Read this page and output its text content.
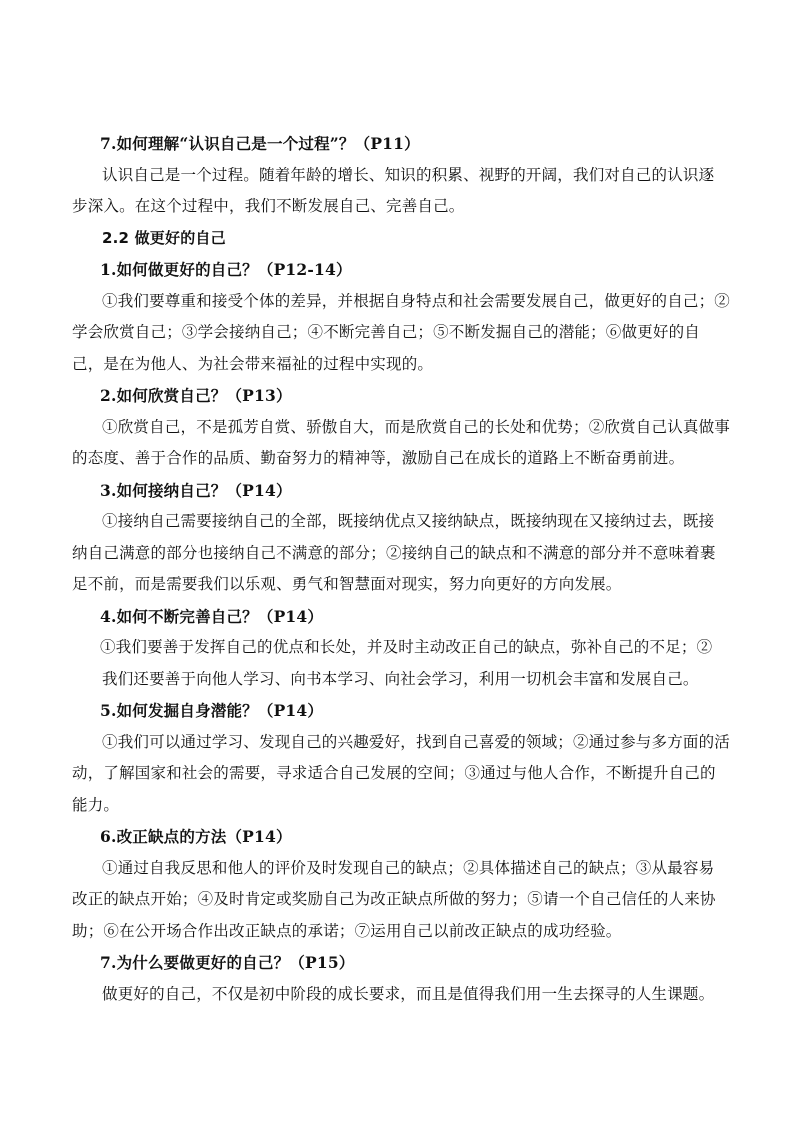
7.如何理解“认识自己是一个过程”？（P11）
认识自己是一个过程。随着年龄的增长、知识的积累、视野的开阔，我们对自己的认识逐
步深入。在这个过程中，我们不断发展自己、完善自己。
2.2 做更好的自己
1.如何做更好的自己？（P12-14）
①我们要尊重和接受个体的差异，并根据自身特点和社会需要发展自己，做更好的自己；②
学会欣赏自己；③学会接纳自己；④不断完善自己；⑤不断发掘自己的潜能；⑥做更好的自
己，是在为他人、为社会带来福祉的过程中实现的。
2.如何欣赏自己？（P13）
①欣赏自己，不是孤芳自赏、骄傲自大，而是欣赏自己的长处和优势；②欣赏自己认真做事
的态度、善于合作的品质、勤奋努力的精神等，激励自己在成长的道路上不断奋勇前进。
3.如何接纳自己？（P14）
①接纳自己需要接纳自己的全部，既接纳优点又接纳缺点，既接纳现在又接纳过去，既接
纳自己满意的部分也接纳自己不满意的部分；②接纳自己的缺点和不满意的部分并不意味着裹
足不前，而是需要我们以乐观、勇气和智慧面对现实，努力向更好的方向发展。
4.如何不断完善自己？（P14）
①我们要善于发挥自己的优点和长处，并及时主动改正自己的缺点，弥补自己的不足；②
我们还要善于向他人学习、向书本学习、向社会学习，利用一切机会丰富和发展自己。
5.如何发掘自身潜能？（P14）
①我们可以通过学习、发现自己的兴趣爱好，找到自己喜爱的领域；②通过参与多方面的活
动，了解国家和社会的需要，寻求适合自己发展的空间；③通过与他人合作，不断提升自己的
能力。
6.改正缺点的方法（P14）
①通过自我反思和他人的评价及时发现自己的缺点；②具体描述自己的缺点；③从最容易
改正的缺点开始；④及时肯定或奖励自己为改正缺点所做的努力；⑤请一个自己信任的人来协
助；⑥在公开场合作出改正缺点的承诺；⑦运用自己以前改正缺点的成功经验。
7.为什么要做更好的自己？（P15）
做更好的自己，不仅是初中阶段的成长要求，而且是值得我们用一生去探寻的人生课题。
